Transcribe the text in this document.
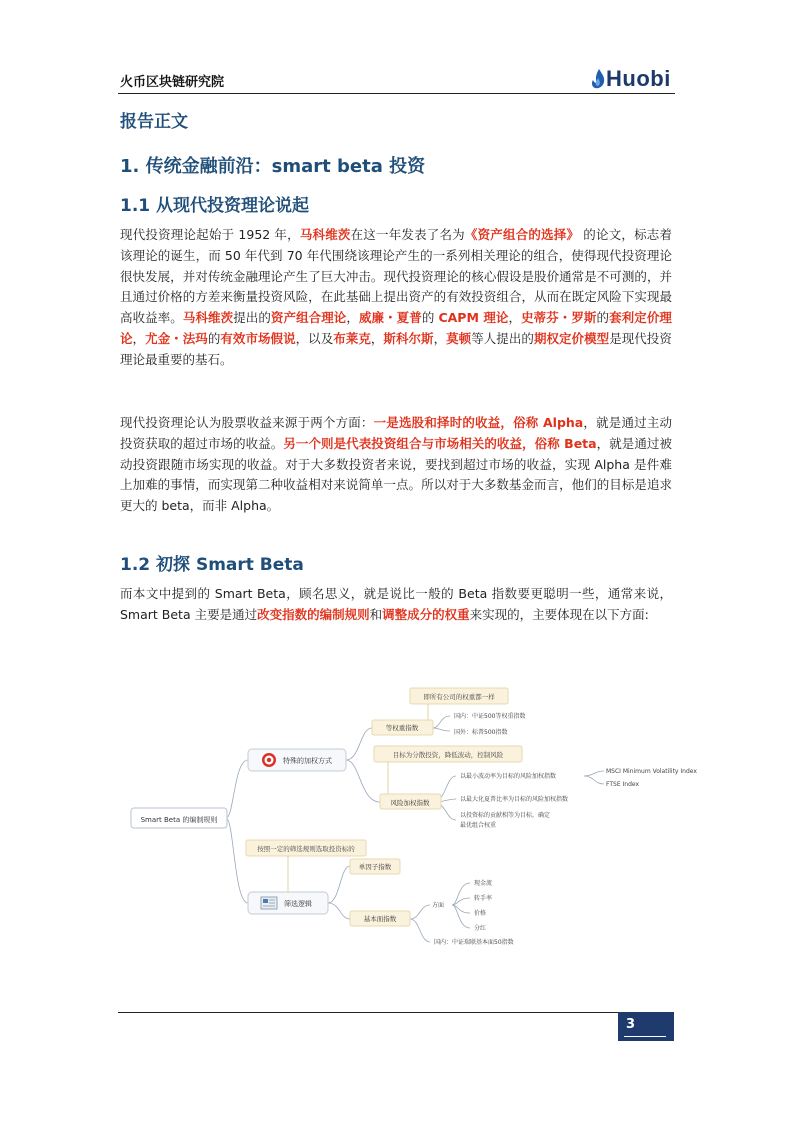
火币区块链研究院	Huobi
报告正文
1. 传统金融前沿：smart beta 投资
1.1 从现代投资理论说起

现代投资理论起始于 1952 年，马科维茨在这一年发表了名为《资产组合的选择》 的论文，标志着该理论的诞生，而 50 年代到 70 年代围绕该理论产生的一系列相关理论的组合，使得现代投资理论很快发展，并对传统金融理论产生了巨大冲击。现代投资理论的核心假设是股价通常是不可测的，并且通过价格的方差来衡量投资风险，在此基础上提出资产的有效投资组合，从而在既定风险下实现最高收益率。马科维茨提出的资产组合理论，威廉・夏普的 CAPM 理论，史蒂芬・罗斯的套利定价理论，尤金・法玛的有效市场假说，以及布莱克，斯科尔斯，莫顿等人提出的期权定价模型是现代投资理论最重要的基石。

现代投资理论认为股票收益来源于两个方面：一是选股和择时的收益，俗称 Alpha，就是通过主动投资获取的超过市场的收益。另一个则是代表投资组合与市场相关的收益，俗称 Beta，就是通过被动投资跟随市场实现的收益。对于大多数投资者来说，要找到超过市场的收益，实现 Alpha 是件难上加难的事情，而实现第二种收益相对来说简单一点。所以对于大多数基金而言，他们的目标是追求更大的 beta，而非 Alpha。

1.2 初探 Smart Beta

而本文中提到的 Smart Beta，顾名思义，就是说比一般的 Beta 指数要更聪明一些，通常来说，Smart Beta 主要是通过改变指数的编制规则和调整成分的权重来实现的，主要体现在以下方面:

Smart Beta 的编制规则
特殊的加权方式
即所有公司的权重都一样
等权重指数
国内：中证500等权重指数
国外：标普500指数
目标为分散投资，降低波动，控制风险
风险加权指数
以最小波动率为目标的风险加权指数
MSCI Minimum Volatility Index
FTSE Index
以最大化夏普比率为目标的风险加权指数
以投资标的贡献相等为目标，确定
最优组合权重
按照一定的筛选规则选取投资标的
筛选逻辑
单因子指数
基本面指数
方面
现金流
转手率
价格
分红
国内：中证瑞联基本面50指数
3
